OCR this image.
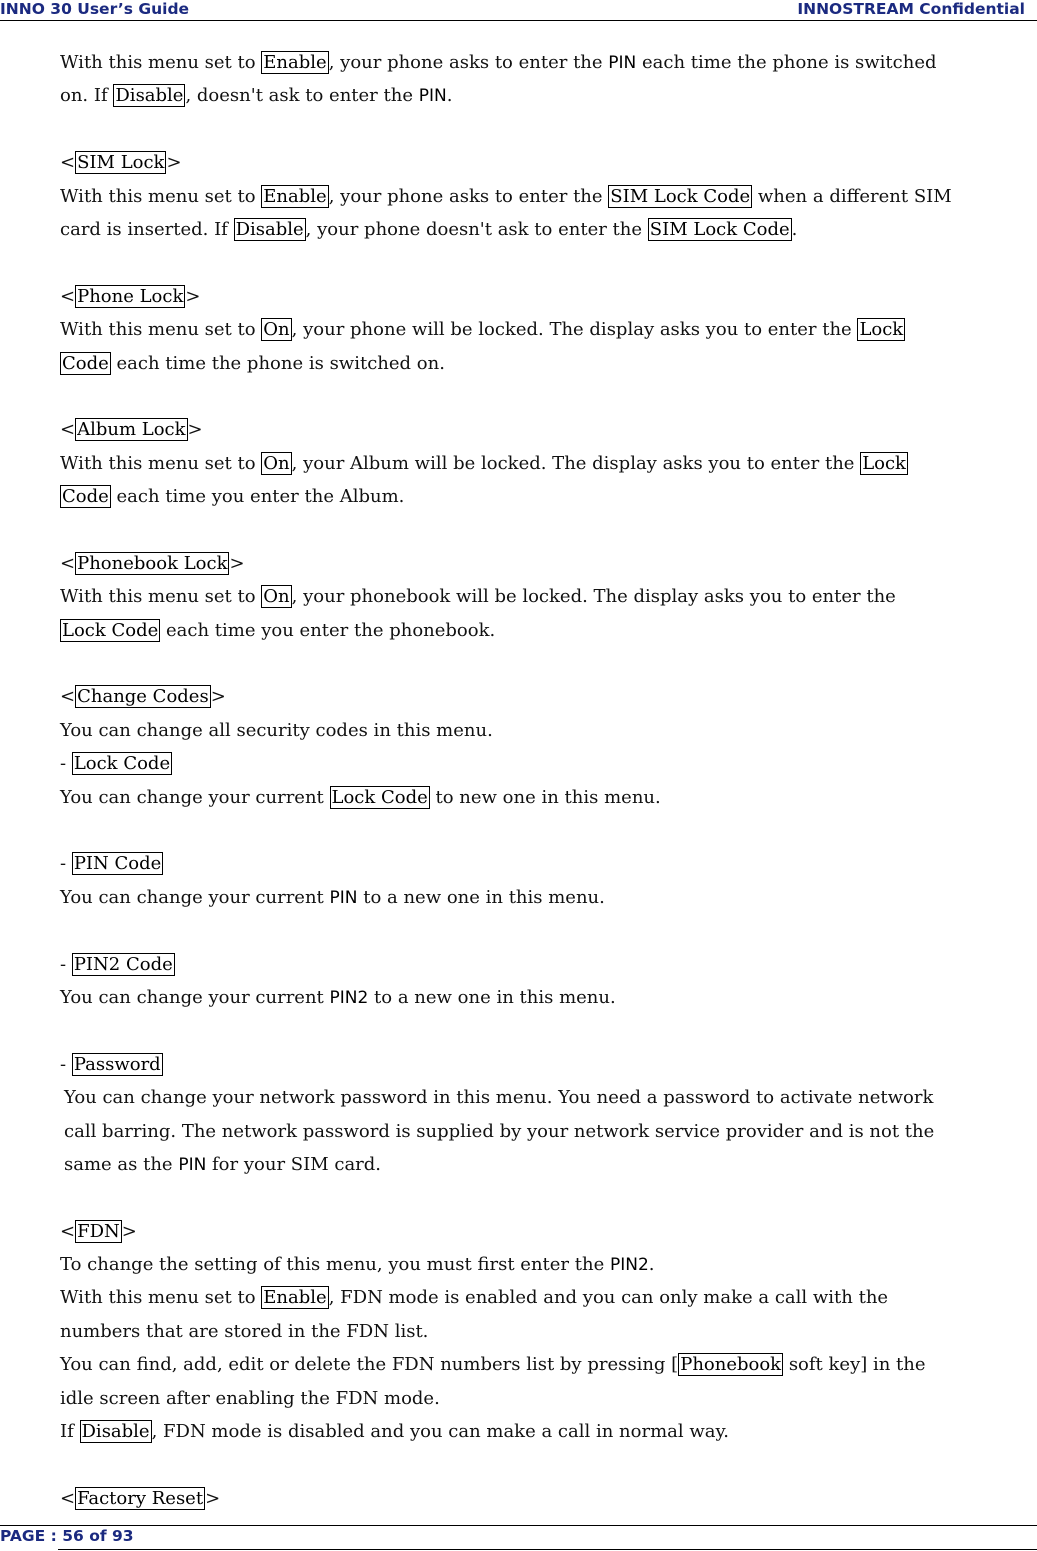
INNO 30 User’s Guide	INNOSTREAM Confidential
With this menu set to Enable , your phone asks to enter the PIN each time the phone is switched
on. If Disable , doesn't ask to enter the PIN.
< SIM Lock >
With this menu set to Enable , your phone asks to enter the SIM Lock Code when a different SIM
card is inserted. If Disable , your phone doesn't ask to enter the SIM Lock Code .
< Phone Lock >
With this menu set to On , your phone will be locked. The display asks you to enter the Lock
Code each time the phone is switched on.
< Album Lock >
With this menu set to On , your Album will be locked. The display asks you to enter the Lock
Code each time you enter the Album.
< Phonebook Lock >
With this menu set to On , your phonebook will be locked. The display asks you to enter the
Lock Code each time you enter the phonebook.
< Change Codes >
You can change all security codes in this menu.
- Lock Code
You can change your current Lock Code to new one in this menu.
- PIN Code
You can change your current PIN to a new one in this menu.
- PIN2 Code
You can change your current PIN2 to a new one in this menu.
- Password
You can change your network password in this menu. You need a password to activate network
call barring. The network password is supplied by your network service provider and is not the
same as the PIN for your SIM card.
< FDN >
To change the setting of this menu, you must first enter the PIN2.
With this menu set to Enable , FDN mode is enabled and you can only make a call with the
numbers that are stored in the FDN list.
You can find, add, edit or delete the FDN numbers list by pressing [ Phonebook soft key] in the
idle screen after enabling the FDN mode.
If Disable , FDN mode is disabled and you can make a call in normal way.
< Factory Reset >
PAGE : 56 of 93
